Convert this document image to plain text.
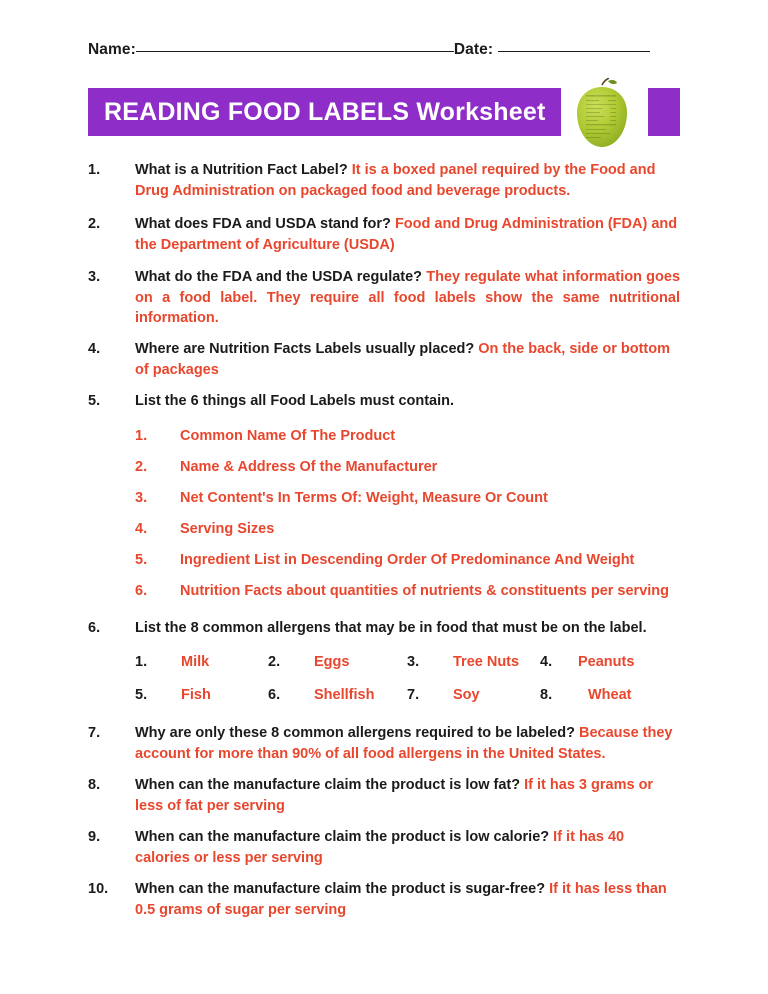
Name:	Date:
READING FOOD LABELS Worksheet
1.	What is a Nutrition Fact Label? It is a boxed panel required by the Food and Drug Administration on packaged food and beverage products.
2.	What does FDA and USDA stand for? Food and Drug Administration (FDA) and the Department of Agriculture (USDA)
3.	What do the FDA and the USDA regulate? They regulate what information goes on a food label. They require all food labels show the same nutritional information.
4.	Where are Nutrition Facts Labels usually placed? On the back, side or bottom of packages
5.	List the 6 things all Food Labels must contain.
1.	Common Name Of The Product
2.	Name & Address Of the Manufacturer
3.	Net Content's In Terms Of: Weight, Measure Or Count
4.	Serving Sizes
5.	Ingredient List in Descending Order Of Predominance And Weight
6.	Nutrition Facts about quantities of nutrients & constituents per serving
6.	List the 8 common allergens that may be in food that must be on the label.
1.	Milk	2.	Eggs	3.	Tree Nuts 4.	Peanuts
5.	Fish	6.	Shellfish 7.	Soy	8.	Wheat
7.	Why are only these 8 common allergens required to be labeled? Because they account for more than 90% of all food allergens in the United States.
8.	When can the manufacture claim the product is low fat? If it has 3 grams or less of fat per serving
9.	When can the manufacture claim the product is low calorie? If it has 40 calories or less per serving
10.	When can the manufacture claim the product is sugar-free? If it has less than 0.5 grams of sugar per serving
